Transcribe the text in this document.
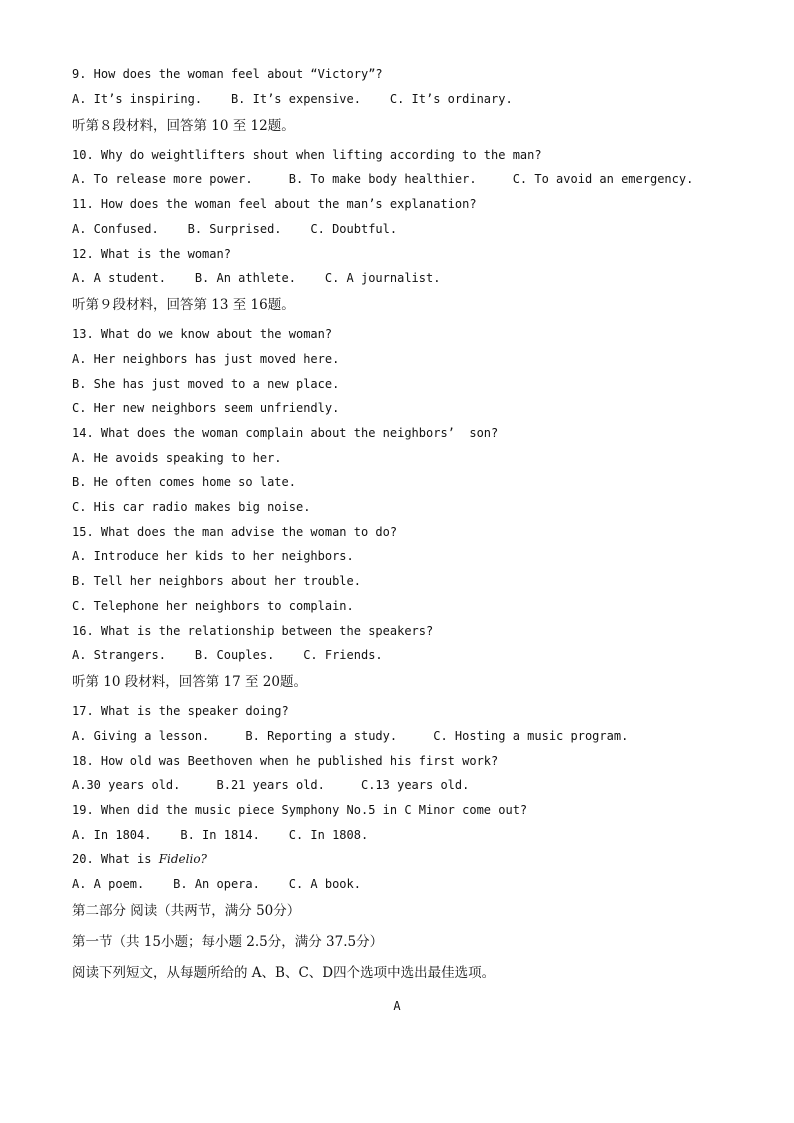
9. How does the woman feel about “Victory”?
A. It’s inspiring.    B. It’s expensive.    C. It’s ordinary.
听第８段材料，回答第 10 至 12题。
10. Why do weightlifters shout when lifting according to the man?
A. To release more power.     B. To make body healthier.     C. To avoid an emergency.
11. How does the woman feel about the man’s explanation?
A. Confused.    B. Surprised.    C. Doubtful.
12. What is the woman?
A. A student.    B. An athlete.    C. A journalist.
听第９段材料，回答第 13 至 16题。
13. What do we know about the woman?
A. Her neighbors has just moved here.
B. She has just moved to a new place.
C. Her new neighbors seem unfriendly.
14. What does the woman complain about the neighbors’  son?
A. He avoids speaking to her.
B. He often comes home so late.
C. His car radio makes big noise.
15. What does the man advise the woman to do?
A. Introduce her kids to her neighbors.
B. Tell her neighbors about her trouble.
C. Telephone her neighbors to complain.
16. What is the relationship between the speakers?
A. Strangers.    B. Couples.    C. Friends.
听第 10 段材料，回答第 17 至 20题。
17. What is the speaker doing?
A. Giving a lesson.     B. Reporting a study.     C. Hosting a music program.
18. How old was Beethoven when he published his first work?
A.30 years old.     B.21 years old.     C.13 years old.
19. When did the music piece Symphony No.5 in C Minor come out?
A. In 1804.    B. In 1814.    C. In 1808.
20. What is Fidelio?
A. A poem.    B. An opera.    C. A book.
第二部分 阅读（共两节，满分 50分）
第一节（共 15小题；每小题 2.5分，满分 37.5分）
阅读下列短文，从每题所给的 A、B、C、D四个选项中选出最佳选项。
A
